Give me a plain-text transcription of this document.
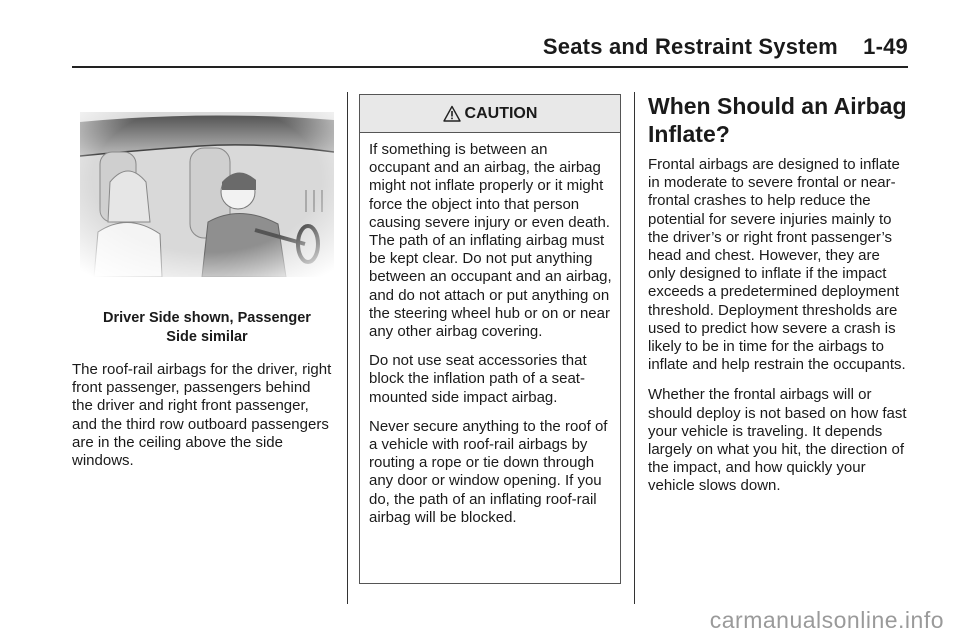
Seats and Restraint System    1-49
Driver Side shown, Passenger
Side similar

The roof-rail airbags for the driver, right front passenger, passengers behind the driver and right front passenger, and the third row outboard passengers are in the ceiling above the side windows.

CAUTION

If something is between an occupant and an airbag, the airbag might not inflate properly or it might force the object into that person causing severe injury or even death. The path of an inflating airbag must be kept clear. Do not put anything between an occupant and an airbag, and do not attach or put anything on the steering wheel hub or on or near any other airbag covering.

Do not use seat accessories that block the inflation path of a seat-mounted side impact airbag.

Never secure anything to the roof of a vehicle with roof-rail airbags by routing a rope or tie down through any door or window opening. If you do, the path of an inflating roof-rail airbag will be blocked.

When Should an Airbag Inflate?

Frontal airbags are designed to inflate in moderate to severe frontal or near-frontal crashes to help reduce the potential for severe injuries mainly to the driver’s or right front passenger’s head and chest. However, they are only designed to inflate if the impact exceeds a predetermined deployment threshold. Deployment thresholds are used to predict how severe a crash is likely to be in time for the airbags to inflate and help restrain the occupants.

Whether the frontal airbags will or should deploy is not based on how fast your vehicle is traveling. It depends largely on what you hit, the direction of the impact, and how quickly your vehicle slows down.

carmanualsonline.info
